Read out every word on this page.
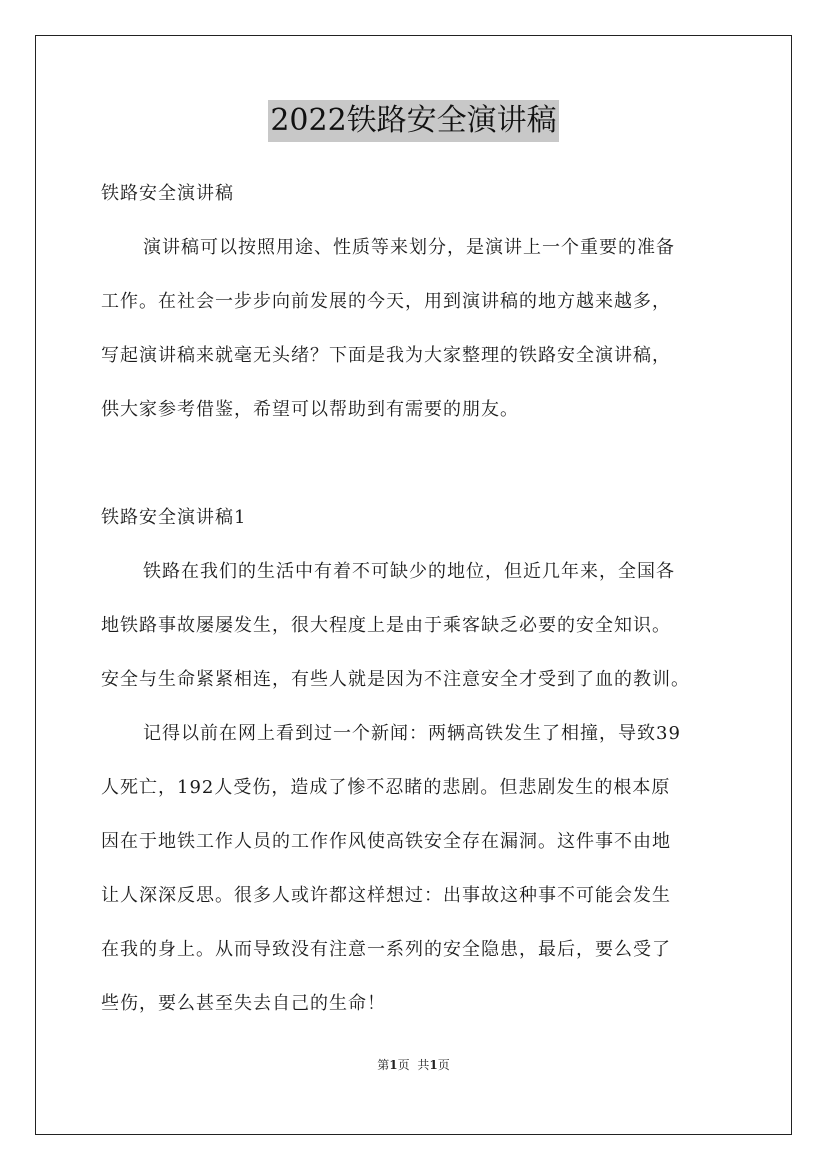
2022铁路安全演讲稿
铁路安全演讲稿
演讲稿可以按照用途、性质等来划分，是演讲上一个重要的准备
工作。在社会一步步向前发展的今天，用到演讲稿的地方越来越多，
写起演讲稿来就毫无头绪？下面是我为大家整理的铁路安全演讲稿，
供大家参考借鉴，希望可以帮助到有需要的朋友。
铁路安全演讲稿1
铁路在我们的生活中有着不可缺少的地位，但近几年来，全国各
地铁路事故屡屡发生，很大程度上是由于乘客缺乏必要的安全知识。
安全与生命紧紧相连，有些人就是因为不注意安全才受到了血的教训。
记得以前在网上看到过一个新闻：两辆高铁发生了相撞，导致39
人死亡，192人受伤，造成了惨不忍睹的悲剧。但悲剧发生的根本原
因在于地铁工作人员的工作作风使高铁安全存在漏洞。这件事不由地
让人深深反思。很多人或许都这样想过：出事故这种事不可能会发生
在我的身上。从而导致没有注意一系列的安全隐患，最后，要么受了
些伤，要么甚至失去自己的生命！
第1页 共1页
